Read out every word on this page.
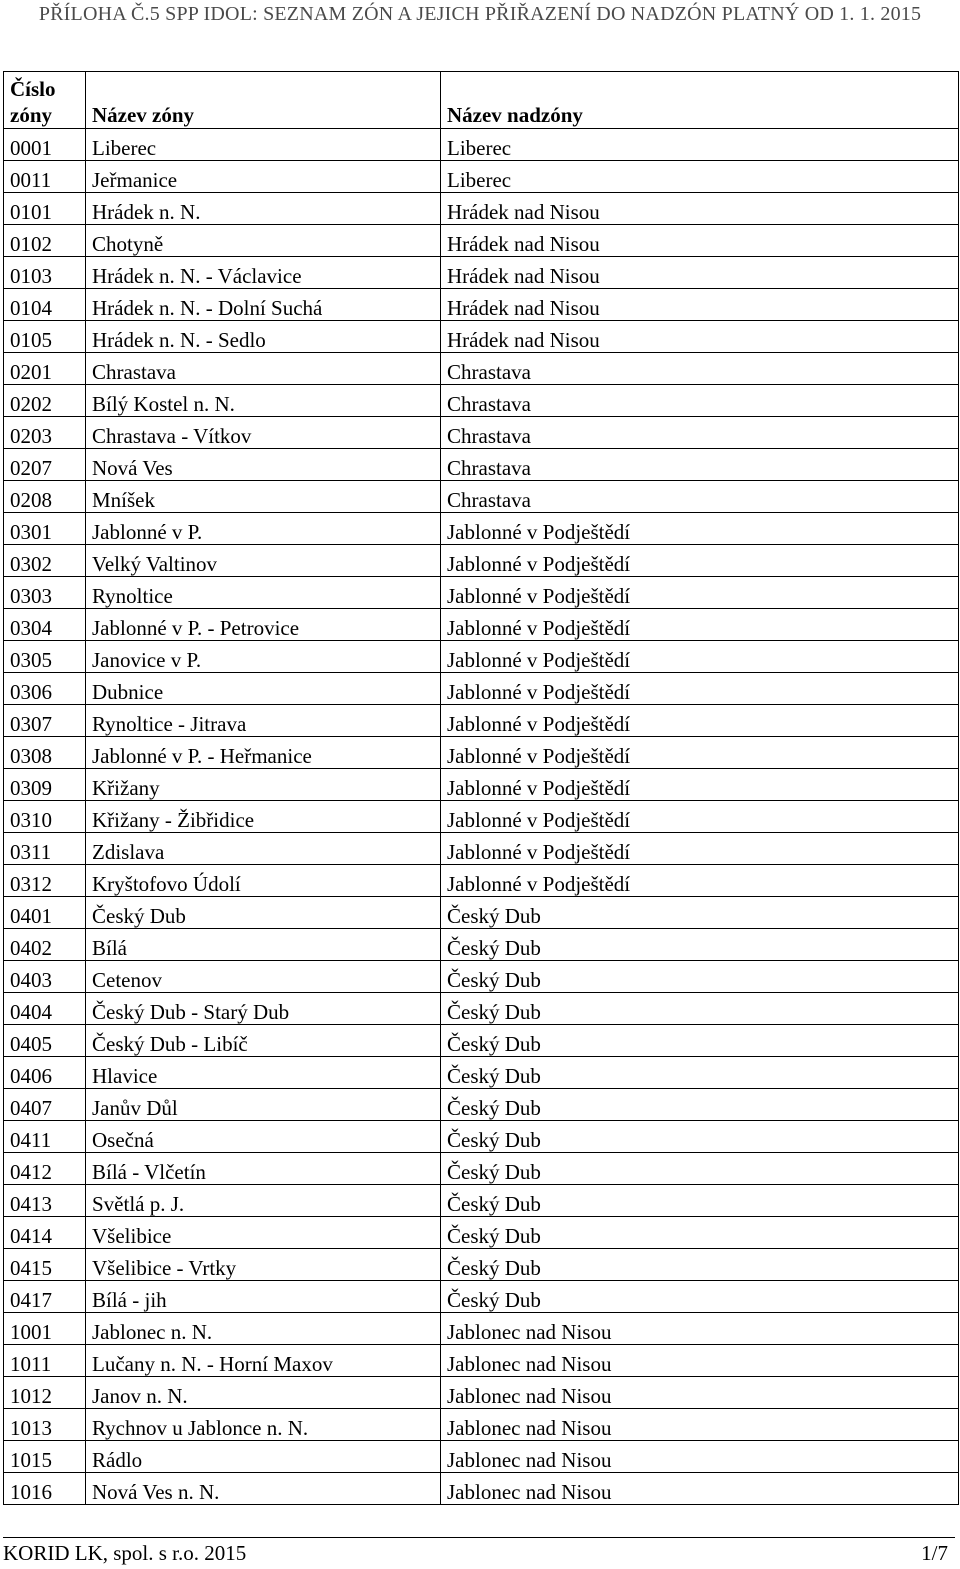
PŘÍLOHA Č.5 SPP IDOL: SEZNAM ZÓN A JEJICH PŘIŘAZENÍ DO NADZÓN PLATNÝ OD 1. 1. 2015
Číslo zóny	Název zóny	Název nadzóny
0001	Liberec	Liberec
0011	Jeřmanice	Liberec
0101	Hrádek n. N.	Hrádek nad Nisou
0102	Chotyně	Hrádek nad Nisou
0103	Hrádek n. N. - Václavice	Hrádek nad Nisou
0104	Hrádek n. N. - Dolní Suchá	Hrádek nad Nisou
0105	Hrádek n. N. - Sedlo	Hrádek nad Nisou
0201	Chrastava	Chrastava
0202	Bílý Kostel n. N.	Chrastava
0203	Chrastava - Vítkov	Chrastava
0207	Nová Ves	Chrastava
0208	Mníšek	Chrastava
0301	Jablonné v P.	Jablonné v Podještědí
0302	Velký Valtinov	Jablonné v Podještědí
0303	Rynoltice	Jablonné v Podještědí
0304	Jablonné v P. - Petrovice	Jablonné v Podještědí
0305	Janovice v P.	Jablonné v Podještědí
0306	Dubnice	Jablonné v Podještědí
0307	Rynoltice - Jitrava	Jablonné v Podještědí
0308	Jablonné v P. - Heřmanice	Jablonné v Podještědí
0309	Křižany	Jablonné v Podještědí
0310	Křižany - Žibřidice	Jablonné v Podještědí
0311	Zdislava	Jablonné v Podještědí
0312	Kryštofovo Údolí	Jablonné v Podještědí
0401	Český Dub	Český Dub
0402	Bílá	Český Dub
0403	Cetenov	Český Dub
0404	Český Dub - Starý Dub	Český Dub
0405	Český Dub - Libíč	Český Dub
0406	Hlavice	Český Dub
0407	Janův Důl	Český Dub
0411	Osečná	Český Dub
0412	Bílá - Vlčetín	Český Dub
0413	Světlá p. J.	Český Dub
0414	Všelibice	Český Dub
0415	Všelibice - Vrtky	Český Dub
0417	Bílá - jih	Český Dub
1001	Jablonec n. N.	Jablonec nad Nisou
1011	Lučany n. N. - Horní Maxov	Jablonec nad Nisou
1012	Janov n. N.	Jablonec nad Nisou
1013	Rychnov u Jablonce n. N.	Jablonec nad Nisou
1015	Rádlo	Jablonec nad Nisou
1016	Nová Ves n. N.	Jablonec nad Nisou
KORID LK, spol. s r.o. 2015	1/7
